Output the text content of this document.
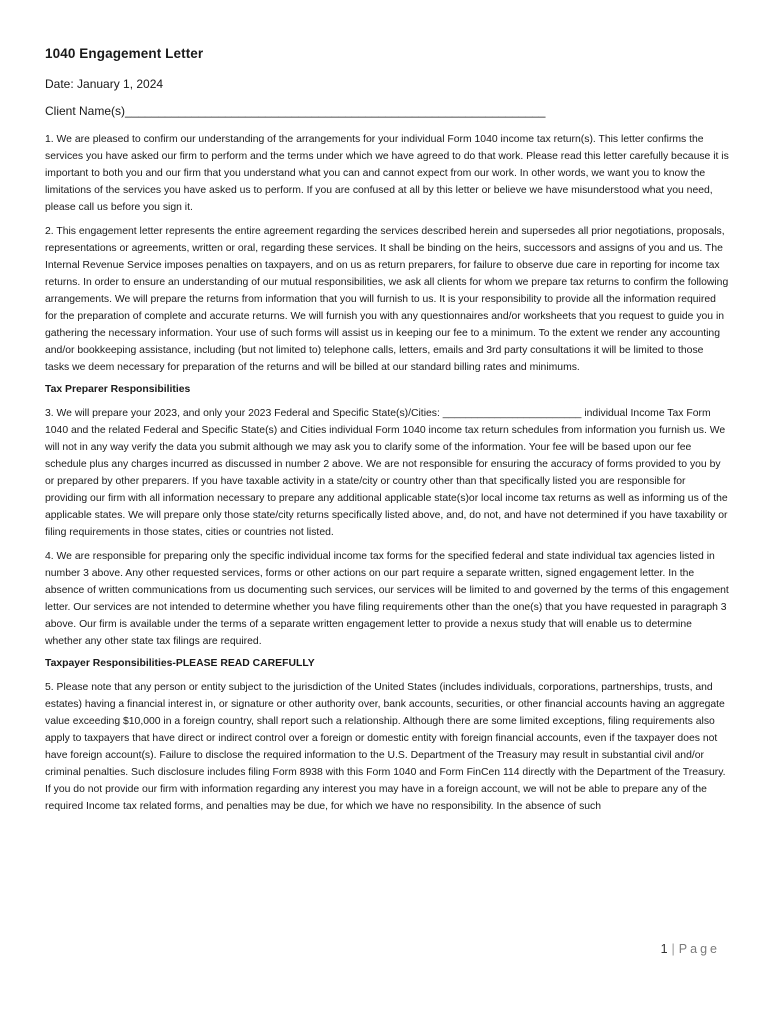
1040 Engagement Letter
Date: January 1, 2024
Client Name(s)_______________________________________________________________

1. We are pleased to confirm our understanding of the arrangements for your individual Form 1040 income tax return(s). This letter confirms the services you have asked our firm to perform and the terms under which we have agreed to do that work. Please read this letter carefully because it is important to both you and our firm that you understand what you can and cannot expect from our work. In other words, we want you to know the limitations of the services you have asked us to perform. If you are confused at all by this letter or believe we have misunderstood what you need, please call us before you sign it.

2. This engagement letter represents the entire agreement regarding the services described herein and supersedes all prior negotiations, proposals, representations or agreements, written or oral, regarding these services. It shall be binding on the heirs, successors and assigns of you and us. The Internal Revenue Service imposes penalties on taxpayers, and on us as return preparers, for failure to observe due care in reporting for income tax returns. In order to ensure an understanding of our mutual responsibilities, we ask all clients for whom we prepare tax returns to confirm the following arrangements. We will prepare the returns from information that you will furnish to us. It is your responsibility to provide all the information required for the preparation of complete and accurate returns. We will furnish you with any questionnaires and/or worksheets that you request to guide you in gathering the necessary information. Your use of such forms will assist us in keeping our fee to a minimum. To the extent we render any accounting and/or bookkeeping assistance, including (but not limited to) telephone calls, letters, emails and 3rd party consultations it will be limited to those tasks we deem necessary for preparation of the returns and will be billed at our standard billing rates and minimums.

Tax Preparer Responsibilities

3. We will prepare your 2023, and only your 2023 Federal and Specific State(s)/Cities: ________________________ individual Income Tax Form 1040 and the related Federal and Specific State(s) and Cities individual Form 1040 income tax return schedules from information you furnish us. We will not in any way verify the data you submit although we may ask you to clarify some of the information. Your fee will be based upon our fee schedule plus any charges incurred as discussed in number 2 above. We are not responsible for ensuring the accuracy of forms provided to you by or prepared by other preparers. If you have taxable activity in a state/city or country other than that specifically listed you are responsible for providing our firm with all information necessary to prepare any additional applicable state(s)or local income tax returns as well as informing us of the applicable states. We will prepare only those state/city returns specifically listed above, and, do not, and have not determined if you have taxability or filing requirements in those states, cities or countries not listed.

4. We are responsible for preparing only the specific individual income tax forms for the specified federal and state individual tax agencies listed in number 3 above. Any other requested services, forms or other actions on our part require a separate written, signed engagement letter. In the absence of written communications from us documenting such services, our services will be limited to and governed by the terms of this engagement letter. Our services are not intended to determine whether you have filing requirements other than the one(s) that you have requested in paragraph 3 above. Our firm is available under the terms of a separate written engagement letter to provide a nexus study that will enable us to determine whether any other state tax filings are required.

Taxpayer Responsibilities-PLEASE READ CAREFULLY

5. Please note that any person or entity subject to the jurisdiction of the United States (includes individuals, corporations, partnerships, trusts, and estates) having a financial interest in, or signature or other authority over, bank accounts, securities, or other financial accounts having an aggregate value exceeding $10,000 in a foreign country, shall report such a relationship. Although there are some limited exceptions, filing requirements also apply to taxpayers that have direct or indirect control over a foreign or domestic entity with foreign financial accounts, even if the taxpayer does not have foreign account(s). Failure to disclose the required information to the U.S. Department of the Treasury may result in substantial civil and/or criminal penalties. Such disclosure includes filing Form 8938 with this Form 1040 and Form FinCen 114 directly with the Department of the Treasury. If you do not provide our firm with information regarding any interest you may have in a foreign account, we will not be able to prepare any of the required Income tax related forms, and penalties may be due, for which we have no responsibility. In the absence of such

1 | Page
